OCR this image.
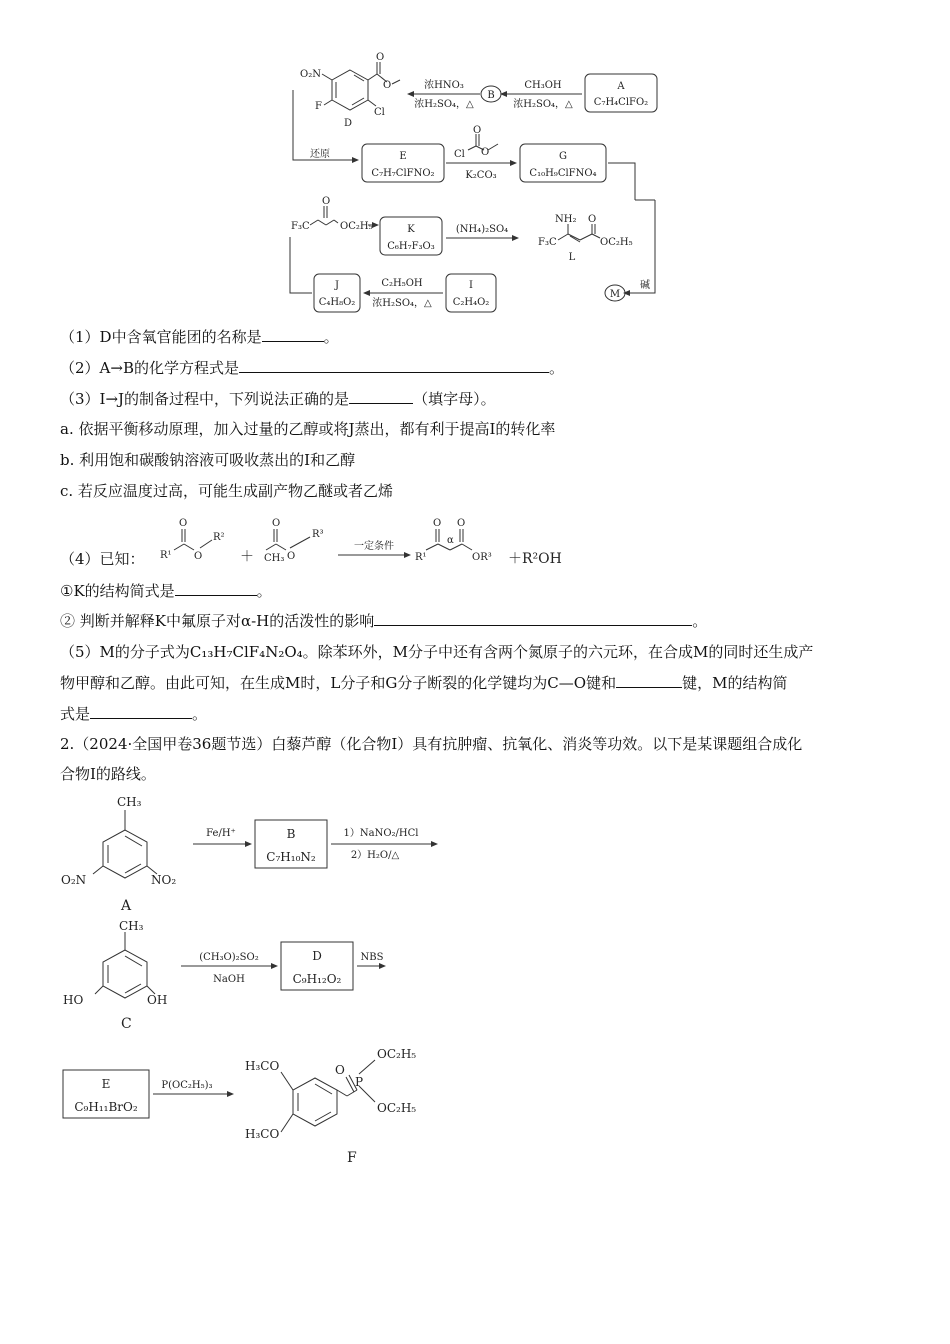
O₂N
F
Cl
D
O
O	浓HNO₃
浓H₂SO₄，△
B
CH₃OH
浓H₂SO₄，△
A
C₇H₄ClFO₂
还原	E
C₇H₇ClFNO₂
Cl
O
O
K₂CO₃
G
C₁₀H₉ClFNO₄
F₃C
O
OC₂H₅	K
C₆H₇F₃O₃
(NH₄)₂SO₄
NH₂ O
F₃C	OC₂H₅
L
J
C₄H₈O₂
C₂H₅OH
浓H₂SO₄，△
I
C₂H₄O₂
M
碱
（1）D中含氧官能团的名称是	。
（2）A→B的化学方程式是	。
（3）I→J的制备过程中，下列说法正确的是	（填字母）。
a. 依据平衡移动原理，加入过量的乙醇或将J蒸出，都有利于提高I的转化率
b. 利用饱和碳酸钠溶液可吸收蒸出的I和乙醇
c. 若反应温度过高，可能生成副产物乙醚或者乙烯
（4）已知： R¹
O
O
R²
＋ CH₃
O
O
R³
一定条件
R¹
O O
α
OR³ ＋R²OH
①K的结构简式是	。
② 判断并解释K中氟原子对α-H的活泼性的影响	。
（5）M的分子式为C₁₃H₇ClF₄N₂O₄。除苯环外，M分子中还有含两个氮原子的六元环，在合成M的同时还生成产
物甲醇和乙醇。由此可知，在生成M时，L分子和G分子断裂的化学键均为C—O键和	键，M的结构简
式是	。
2.（2024·全国甲卷36题节选）白藜芦醇（化合物I）具有抗肿瘤、抗氧化、消炎等功效。以下是某课题组合成化
合物I的路线。
CH₃
O₂N	NO₂
A
Fe/H⁺	B
C₇H₁₀N₂
1）NaNO₂/HCl
2）H₂O/△
CH₃
HO	OH
C
(CH₃O)₂SO₂
NaOH
D
C₉H₁₂O₂
NBS
E
C₉H₁₁BrO₂
P(OC₂H₅)₃
H₃CO
H₃CO
O
P
OC₂H₅
OC₂H₅
F
